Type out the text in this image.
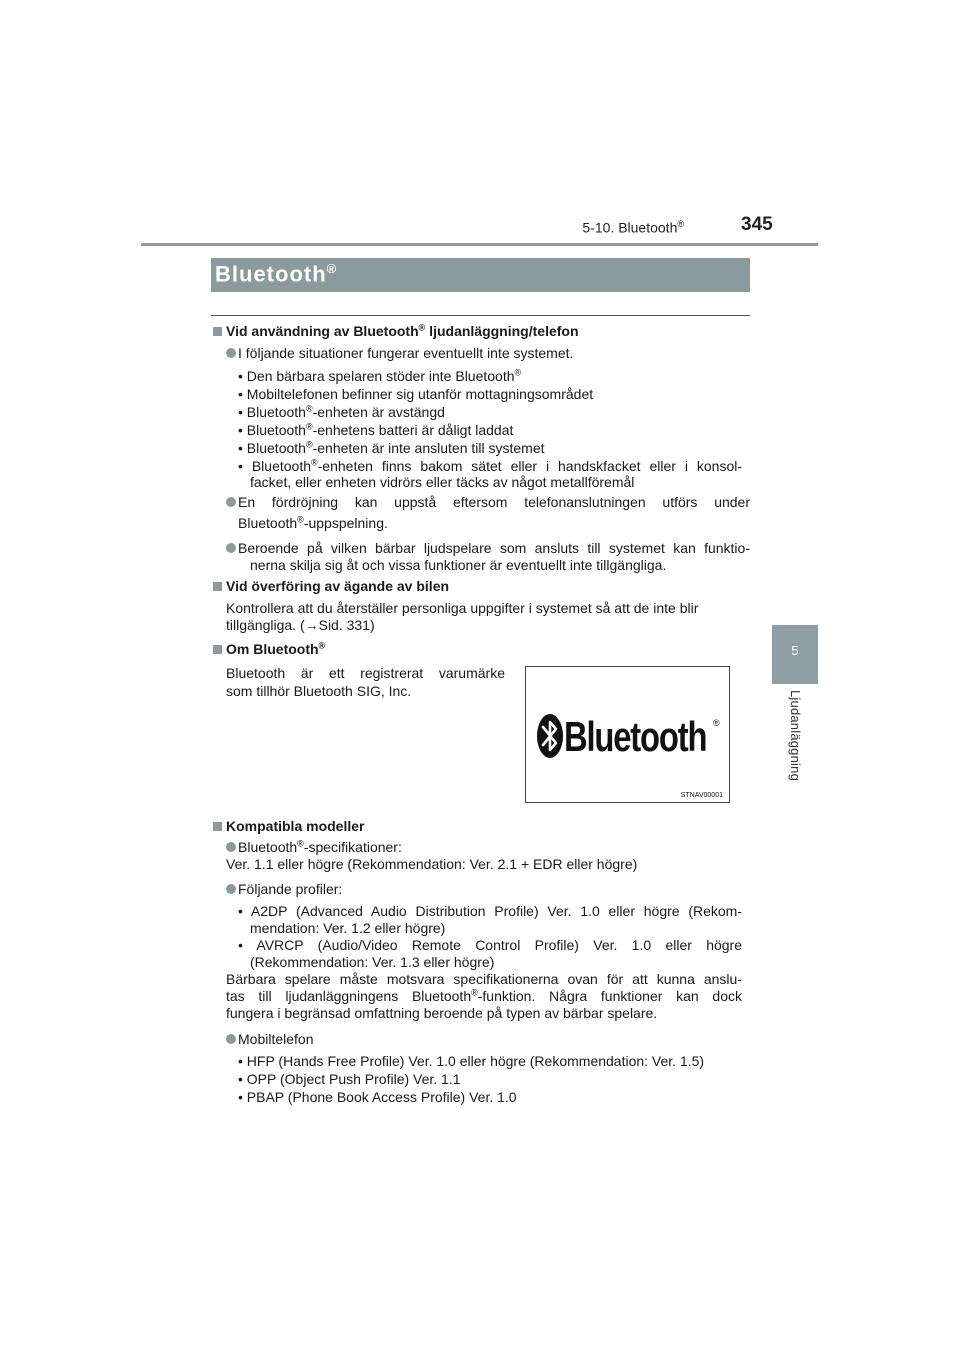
5-10. Bluetooth®	345
5
Ljudanläggning
Bluetooth®
Vid användning av Bluetooth® ljudanläggning/telefon
I följande situationer fungerar eventuellt inte systemet.
• Den bärbara spelaren stöder inte Bluetooth®
• Mobiltelefonen befinner sig utanför mottagningsområdet
• Bluetooth®-enheten är avstängd
• Bluetooth®-enhetens batteri är dåligt laddat
• Bluetooth®-enheten är inte ansluten till systemet
• Bluetooth®-enheten finns bakom sätet eller i handskfacket eller i konsol-
facket, eller enheten vidrörs eller täcks av något metallföremål
En fördröjning kan uppstå eftersom telefonanslutningen utförs under
Bluetooth®-uppspelning.
Beroende på vilken bärbar ljudspelare som ansluts till systemet kan funktio-
nerna skilja sig åt och vissa funktioner är eventuellt inte tillgängliga.
Vid överföring av ägande av bilen
Kontrollera att du återställer personliga uppgifter i systemet så att de inte blir
tillgängliga. (→Sid. 331)
Om Bluetooth®
Bluetooth är ett registrerat varumärke
som tillhör Bluetooth SIG, Inc.
Bluetooth ®
STNAV00001
Kompatibla modeller
Bluetooth®-specifikationer:
Ver. 1.1 eller högre (Rekommendation: Ver. 2.1 + EDR eller högre)
Följande profiler:
• A2DP (Advanced Audio Distribution Profile) Ver. 1.0 eller högre (Rekom-
mendation: Ver. 1.2 eller högre)
• AVRCP (Audio/Video Remote Control Profile) Ver. 1.0 eller högre
(Rekommendation: Ver. 1.3 eller högre)
Bärbara spelare måste motsvara specifikationerna ovan för att kunna anslu-
tas till ljudanläggningens Bluetooth®-funktion. Några funktioner kan dock
fungera i begränsad omfattning beroende på typen av bärbar spelare.
Mobiltelefon
• HFP (Hands Free Profile) Ver. 1.0 eller högre (Rekommendation: Ver. 1.5)
• OPP (Object Push Profile) Ver. 1.1
• PBAP (Phone Book Access Profile) Ver. 1.0
